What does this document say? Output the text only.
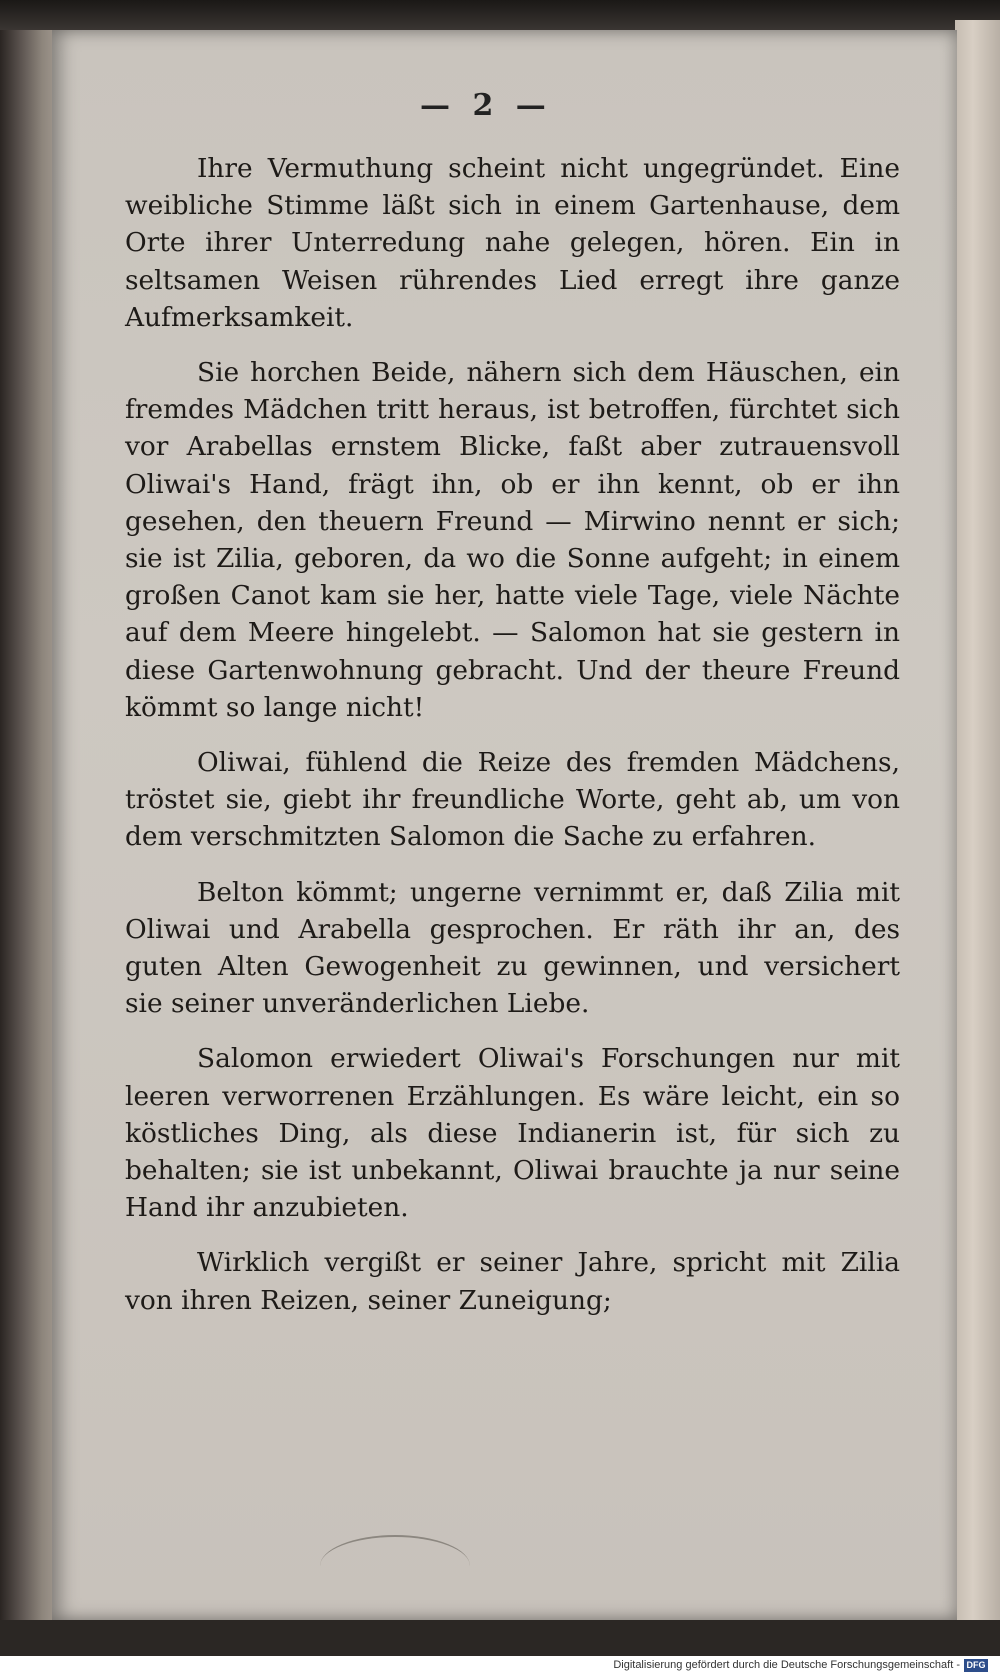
— 2 —

Ihre Vermuthung scheint nicht ungegründet. Eine weibliche Stimme läßt sich in einem Gartenhause, dem Orte ihrer Unterredung nahe gelegen, hören. Ein in seltsamen Weisen rührendes Lied erregt ihre ganze Aufmerksamkeit.

Sie horchen Beide, nähern sich dem Häuschen, ein fremdes Mädchen tritt heraus, ist betroffen, fürchtet sich vor Arabellas ernstem Blicke, faßt aber zutrauensvoll Oliwai's Hand, frägt ihn, ob er ihn kennt, ob er ihn gesehen, den theuern Freund — Mirwino nennt er sich; sie ist Zilia, geboren, da wo die Sonne aufgeht; in einem großen Canot kam sie her, hatte viele Tage, viele Nächte auf dem Meere hingelebt. — Salomon hat sie gestern in diese Gartenwohnung gebracht. Und der theure Freund kömmt so lange nicht!

Oliwai, fühlend die Reize des fremden Mädchens, tröstet sie, giebt ihr freundliche Worte, geht ab, um von dem verschmitzten Salomon die Sache zu erfahren.

Belton kömmt; ungerne vernimmt er, daß Zilia mit Oliwai und Arabella gesprochen. Er räth ihr an, des guten Alten Gewogenheit zu gewinnen, und versichert sie seiner unveränderlichen Liebe.

Salomon erwiedert Oliwai's Forschungen nur mit leeren verworrenen Erzählungen. Es wäre leicht, ein so köstliches Ding, als diese Indianerin ist, für sich zu behalten; sie ist unbekannt, Oliwai brauchte ja nur seine Hand ihr anzubieten.

Wirklich vergißt er seiner Jahre, spricht mit Zilia von ihren Reizen, seiner Zuneigung;

Digitalisierung gefördert durch die Deutsche Forschungsgemeinschaft - DFG
